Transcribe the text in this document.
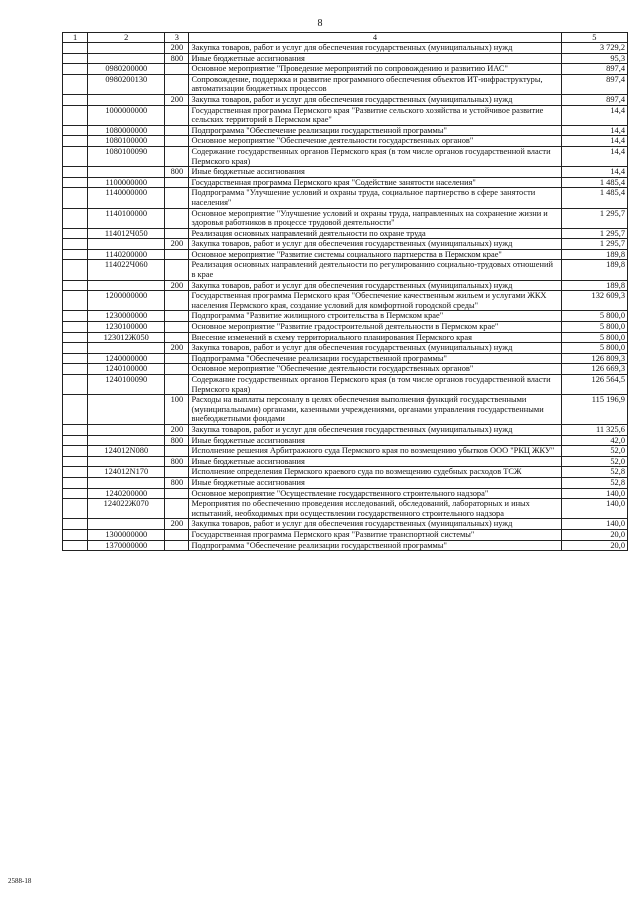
8
1	2	3	4	5
		200	Закупка товаров, работ и услуг для обеспечения государственных (муниципальных) нужд	3 729,2
		800	Иные бюджетные ассигнования	95,3
	0980200000		Основное мероприятие "Проведение мероприятий по сопровождению и развитию ИАС"	897,4
	0980200130		Сопровождение, поддержка и развитие программного обеспечения объектов ИТ-инфраструктуры, автоматизации бюджетных процессов	897,4
		200	Закупка товаров, работ и услуг для обеспечения государственных (муниципальных) нужд	897,4
	1000000000		Государственная программа Пермского края "Развитие сельского хозяйства и устойчивое развитие сельских территорий в Пермском крае"	14,4
	1080000000		Подпрограмма "Обеспечение реализации государственной программы"	14,4
	1080100000		Основное мероприятие "Обеспечение деятельности государственных органов"	14,4
	1080100090		Содержание государственных органов Пермского края (в том числе органов государственной власти Пермского края)	14,4
		800	Иные бюджетные ассигнования	14,4
	1100000000		Государственная программа Пермского края "Содействие занятости населения"	1 485,4
	1140000000		Подпрограмма "Улучшение условий и охраны труда, социальное партнерство в сфере занятости населения"	1 485,4
	1140100000		Основное мероприятие "Улучшение условий и охраны труда, направленных на сохранение жизни и здоровья работников в процессе трудовой деятельности"	1 295,7
	114012Ч050		Реализация основных направлений деятельности по охране труда	1 295,7
		200	Закупка товаров, работ и услуг для обеспечения государственных (муниципальных) нужд	1 295,7
	1140200000		Основное мероприятие "Развитие системы социального партнерства в Пермском крае"	189,8
	114022Ч060		Реализация основных направлений деятельности по регулированию социально-трудовых отношений в крае	189,8
		200	Закупка товаров, работ и услуг для обеспечения государственных (муниципальных) нужд	189,8
	1200000000		Государственная программа Пермского края "Обеспечение качественным жильем и услугами ЖКХ населения Пермского края, создание условий для комфортной городской среды"	132 609,3
	1230000000		Подпрограмма "Развитие жилищного строительства в Пермском крае"	5 800,0
	1230100000		Основное мероприятие "Развитие градостроительной деятельности в Пермском крае"	5 800,0
	123012Ж050		Внесение изменений в схему территориального планирования Пермского края	5 800,0
		200	Закупка товаров, работ и услуг для обеспечения государственных (муниципальных) нужд	5 800,0
	1240000000		Подпрограмма "Обеспечение реализации государственной программы"	126 809,3
	1240100000		Основное мероприятие "Обеспечение деятельности государственных органов"	126 669,3
	1240100090		Содержание государственных органов Пермского края (в том числе органов государственной власти Пермского края)	126 564,5
		100	Расходы на выплаты персоналу в целях обеспечения выполнения функций государственными (муниципальными) органами, казенными учреждениями, органами управления государственными внебюджетными фондами	115 196,9
		200	Закупка товаров, работ и услуг для обеспечения государственных (муниципальных) нужд	11 325,6
		800	Иные бюджетные ассигнования	42,0
	124012N080		Исполнение решения Арбитражного суда Пермского края по возмещению убытков ООО "РКЦ ЖКУ"	52,0
		800	Иные бюджетные ассигнования	52,0
	124012N170		Исполнение определения Пермского краевого суда по возмещению судебных расходов ТСЖ	52,8
		800	Иные бюджетные ассигнования	52,8
	1240200000		Основное мероприятие "Осуществление государственного строительного надзора"	140,0
	124022Ж070		Мероприятия по обеспечению проведения исследований, обследований, лабораторных и иных испытаний, необходимых при осуществлении государственного строительного надзора	140,0
		200	Закупка товаров, работ и услуг для обеспечения государственных (муниципальных) нужд	140,0
	1300000000		Государственная программа Пермского края "Развитие транспортной системы"	20,0
	1370000000		Подпрограмма "Обеспечение реализации государственной программы"	20,0
2588-18
